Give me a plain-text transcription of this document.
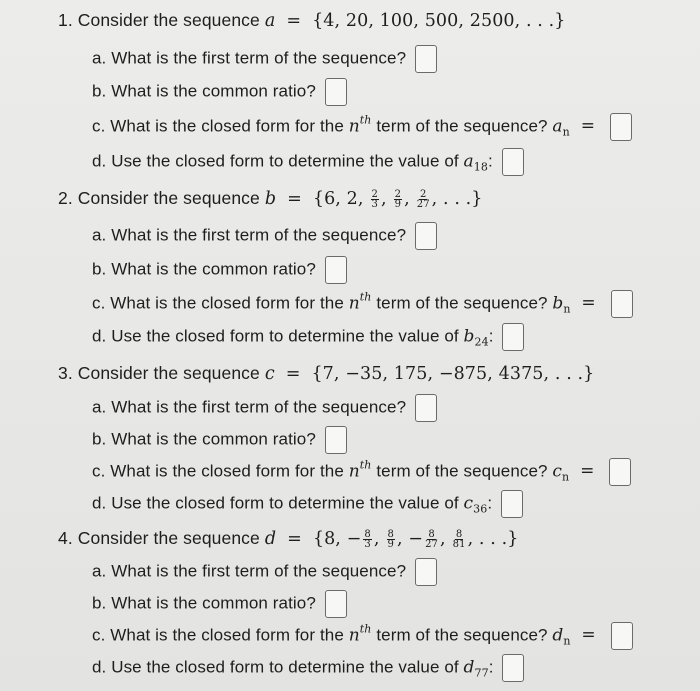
1. Consider the sequence a = {4, 20, 100, 500, 2500, . . .}
a. What is the first term of the sequence?
b. What is the common ratio?
c. What is the closed form for the $n^{th}$ term of the sequence? $a_n$ =
d. Use the closed form to determine the value of $a_{18}$:
2. Consider the sequence b = {6, 2, $\frac{2}{3}$ , $\frac{2}{9}$ , $\frac{2}{27}$ , . . .}
a. What is the first term of the sequence?
b. What is the common ratio?
c. What is the closed form for the $n^{th}$ term of the sequence? $b_n$ =
d. Use the closed form to determine the value of $b_{24}$:
3. Consider the sequence c = {7, −35, 175, −875, 4375, . . .}
a. What is the first term of the sequence?
b. What is the common ratio?
c. What is the closed form for the $n^{th}$ term of the sequence? $c_n$ =
d. Use the closed form to determine the value of $c_{36}$:
4. Consider the sequence d = {8, − $\frac{8}{3}$ , $\frac{8}{9}$ , − $\frac{8}{27}$ , $\frac{8}{81}$ , . . .}
a. What is the first term of the sequence?
b. What is the common ratio?
c. What is the closed form for the $n^{th}$ term of the sequence? $d_n$ =
d. Use the closed form to determine the value of $d_{77}$:
